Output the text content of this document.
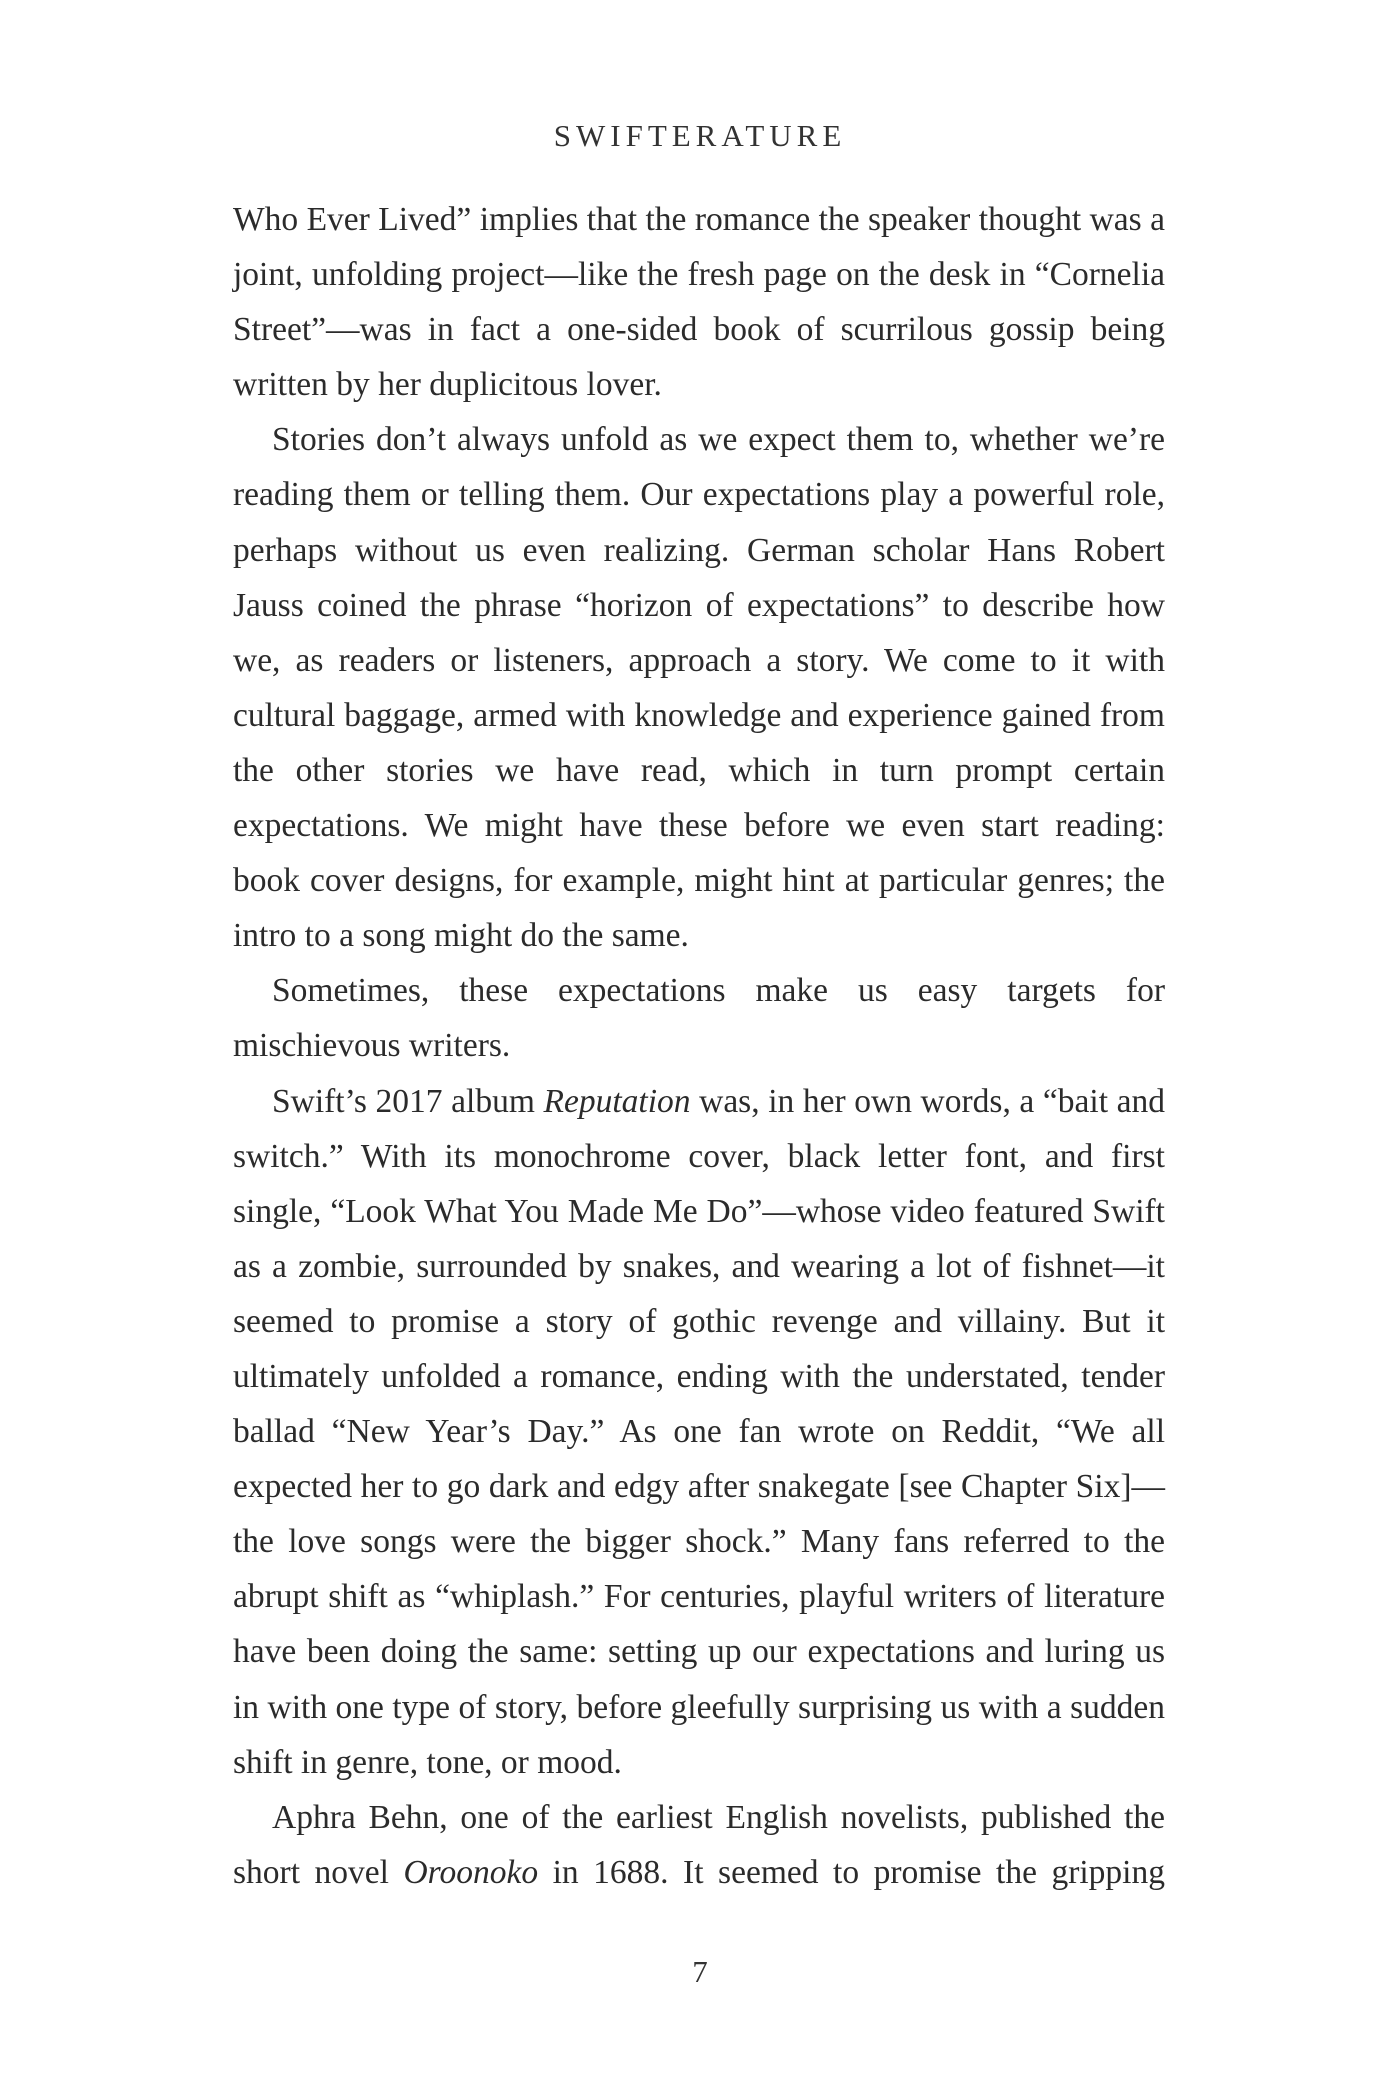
SWIFTERATURE

Who Ever Lived” implies that the romance the speaker thought was a joint, unfolding project—like the fresh page on the desk in “Cornelia Street”—was in fact a one-sided book of scurrilous gossip being written by her duplicitous lover.

Stories don’t always unfold as we expect them to, whether we’re reading them or telling them. Our expectations play a powerful role, perhaps without us even realizing. German scholar Hans Robert Jauss coined the phrase “horizon of expectations” to describe how we, as readers or listeners, approach a story. We come to it with cultural baggage, armed with knowledge and experience gained from the other stories we have read, which in turn prompt certain expectations. We might have these before we even start reading: book cover designs, for example, might hint at particular genres; the intro to a song might do the same.

Sometimes, these expectations make us easy targets for mischievous writers.

Swift’s 2017 album Reputation was, in her own words, a “bait and switch.” With its monochrome cover, black letter font, and first single, “Look What You Made Me Do”—whose video featured Swift as a zombie, surrounded by snakes, and wearing a lot of fishnet—it seemed to promise a story of gothic revenge and villainy. But it ultimately unfolded a romance, ending with the understated, tender ballad “New Year’s Day.” As one fan wrote on Reddit, “We all expected her to go dark and edgy after snakegate [see Chapter Six]—the love songs were the bigger shock.” Many fans referred to the abrupt shift as “whiplash.” For centuries, playful writers of literature have been doing the same: setting up our expectations and luring us in with one type of story, before gleefully surprising us with a sudden shift in genre, tone, or mood.

Aphra Behn, one of the earliest English novelists, published the short novel Oroonoko in 1688. It seemed to promise the gripping

7
